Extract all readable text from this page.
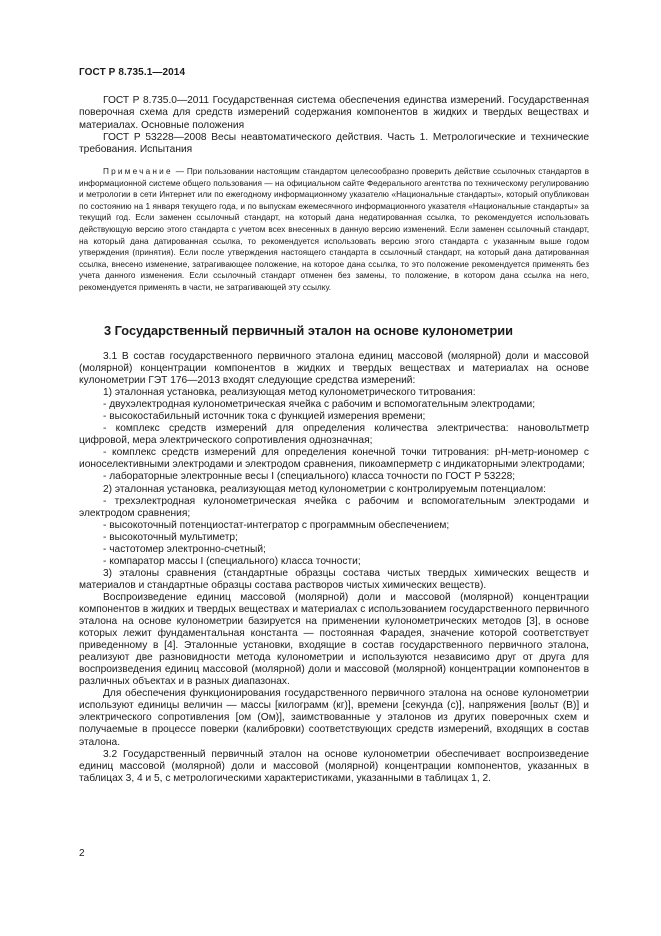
ГОСТ Р 8.735.1—2014

ГОСТ Р 8.735.0—2011 Государственная система обеспечения единства измерений. Государственная поверочная схема для средств измерений содержания компонентов в жидких и твердых веществах и материалах. Основные положения

ГОСТ Р 53228—2008 Весы неавтоматического действия. Часть 1. Метрологические и технические требования. Испытания

Примечание — При пользовании настоящим стандартом целесообразно проверить действие ссылочных стандартов в информационной системе общего пользования — на официальном сайте Федерального агентства по техническому регулированию и метрологии в сети Интернет или по ежегодному информационному указателю «Национальные стандарты», который опубликован по состоянию на 1 января текущего года, и по выпускам ежемесячного информационного указателя «Национальные стандарты» за текущий год. Если заменен ссылочный стандарт, на который дана недатированная ссылка, то рекомендуется использовать действующую версию этого стандарта с учетом всех внесенных в данную версию изменений. Если заменен ссылочный стандарт, на который дана датированная ссылка, то рекомендуется использовать версию этого стандарта с указанным выше годом утверждения (принятия). Если после утверждения настоящего стандарта в ссылочный стандарт, на который дана датированная ссылка, внесено изменение, затрагивающее положение, на которое дана ссылка, то это положение рекомендуется применять без учета данного изменения. Если ссылочный стандарт отменен без замены, то положение, в котором дана ссылка на него, рекомендуется применять в части, не затрагивающей эту ссылку.

3 Государственный первичный эталон на основе кулонометрии

3.1 В состав государственного первичного эталона единиц массовой (молярной) доли и массовой (молярной) концентрации компонентов в жидких и твердых веществах и материалах на основе кулонометрии ГЭТ 176—2013 входят следующие средства измерений:

1) эталонная установка, реализующая метод кулонометрического титрования:

- двухэлектродная кулонометрическая ячейка с рабочим и вспомогательным электродами;

- высокостабильный источник тока с функцией измерения времени;

- комплекс средств измерений для определения количества электричества: нановольтметр цифровой, мера электрического сопротивления однозначная;

- комплекс средств измерений для определения конечной точки титрования: рН-метр-иономер с ионоселективными электродами и электродом сравнения, пикоамперметр с индикаторными электродами;

- лабораторные электронные весы I (специального) класса точности по ГОСТ Р 53228;

2) эталонная установка, реализующая метод кулонометрии с контролируемым потенциалом:

- трехэлектродная кулонометрическая ячейка с рабочим и вспомогательным электродами и электродом сравнения;

- высокоточный потенциостат-интегратор с программным обеспечением;

- высокоточный мультиметр;

- частотомер электронно-счетный;

- компаратор массы I (специального) класса точности;

3) эталоны сравнения (стандартные образцы состава чистых твердых химических веществ и материалов и стандартные образцы состава растворов чистых химических веществ).

Воспроизведение единиц массовой (молярной) доли и массовой (молярной) концентрации компонентов в жидких и твердых веществах и материалах с использованием государственного первичного эталона на основе кулонометрии базируется на применении кулонометрических методов [3], в основе которых лежит фундаментальная константа — постоянная Фарадея, значение которой соответствует приведенному в [4]. Эталонные установки, входящие в состав государственного первичного эталона, реализуют две разновидности метода кулонометрии и используются независимо друг от друга для воспроизведения единиц массовой (молярной) доли и массовой (молярной) концентрации компонентов в различных объектах и в разных диапазонах.

Для обеспечения функционирования государственного первичного эталона на основе кулонометрии используют единицы величин — массы [килограмм (кг)], времени [секунда (с)], напряжения [вольт (В)] и электрического сопротивления [ом (Ом)], заимствованные у эталонов из других поверочных схем и получаемые в процессе поверки (калибровки) соответствующих средств измерений, входящих в состав эталона.

3.2 Государственный первичный эталон на основе кулонометрии обеспечивает воспроизведение единиц массовой (молярной) доли и массовой (молярной) концентрации компонентов, указанных в таблицах 3, 4 и 5, с метрологическими характеристиками, указанными в таблицах 1, 2.

2
